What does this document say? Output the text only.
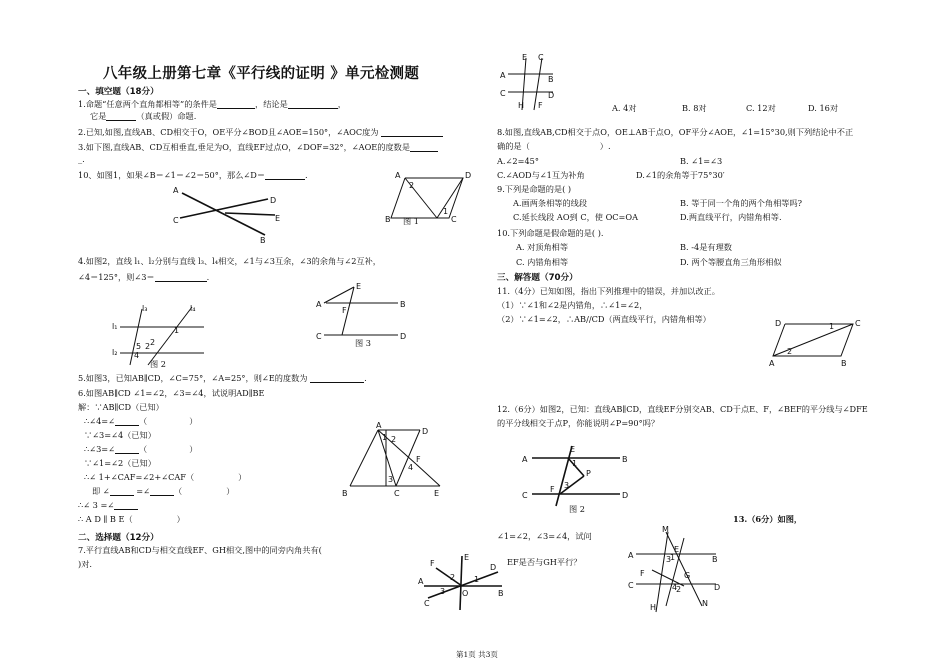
八年级上册第七章《平行线的证明 》单元检测题
一、填空题（18分）
1.命题“任意两个直角都相等”的条件是	，结论是	，
它是	（真或假）命题.
2.已知,如图,直线AB、CD相交于O，OE平分∠BOD且∠AOE=150°，∠AOC度为
3.如下图,直线AB、CD互相垂直,垂足为O，直线EF过点O，∠DOF=32°，∠AOE的度数是
_.
10、如图1，如果∠B＝∠1＝∠2＝50°，那么∠D＝	.
A
D
C	E
B
A	D
B	C
1
2
图 1
4.如图2，直线 l₁、l₂分别与直线 l₃、l₄相交，∠1与∠3互余，∠3的余角与∠2互补，
∠4＝125°，则∠3＝	.
l₁
l₂
l₃	l₄
5 2
4
1
2
图 2
A	B
C	D
E
F
图 3
5.如图3，已知AB∥CD，∠C=75°，∠A=25°，则∠E的度数为	.
6.如图AB∥CD ∠1=∠2，∠3=∠4，试说明AD∥BE
解：∵AB∥CD（已知）
∴∠4=∠	（	）
∵∠3=∠4（已知）
∴∠3=∠	（	）
∵∠1=∠2（已知）
∴∠ 1+∠CAF=∠2+∠CAF（	）
即 ∠	=∠	（	）
∴∠ 3 =∠
∴ A D ∥ B E（	）
A
D
B	C	E
F
1 2
4
3
二、选择题（12分）
7.平行直线AB和CD与相交直线EF、GH相交,图中的同旁内角共有(
)对.	F
E
A
B
C
D
O
3
1
2
E C
A	B
C	D
H F	A. 4对	B. 8对	C. 12对	D. 16对
8.如图,直线AB,CD相交于点O，OE⊥AB于点O，OF平分∠AOE，∠1=15°30,则下列结论中不正
确的是（	）.
A.∠2=45°	B. ∠1=∠3
C.∠AOD与∠1互为补角	D.∠1的余角等于75°30′
9.下列是命题的是( )
A.画两条相等的线段	B. 等于同一个角的两个角相等吗?
C.延长线段 AO到 C，使 OC=OA	D.两直线平行，内错角相等.
10.下列命题是假命题的是( ).
A. 对顶角相等	B. -4是有理数
C. 内错角相等	D. 两个等腰直角三角形相似
三、解答题（70分）
11.（4分）已知如图，指出下列推理中的错误，并加以改正。
（1）∵∠1和∠2是内错角，∴∠1=∠2，
（2）∵∠1=∠2，∴AB//CD（两直线平行，内错角相等）	D	C
A	B
1
2
12.（6分）如图2，已知：直线AB∥CD，直线EF分别交AB、CD于点E、F，∠BEF的平分线与∠DFE
的平分线相交于点P，你能说明∠P=90°吗？
A	B
C	D
E
F
P
1
3
图 2
13.（6分）如图，
∠1=∠2，∠3=∠4，试问
EF是否与GH平行？
M
A	B
C	D
E
F	G
H	N
1
3
2
4
第1页 共3页
